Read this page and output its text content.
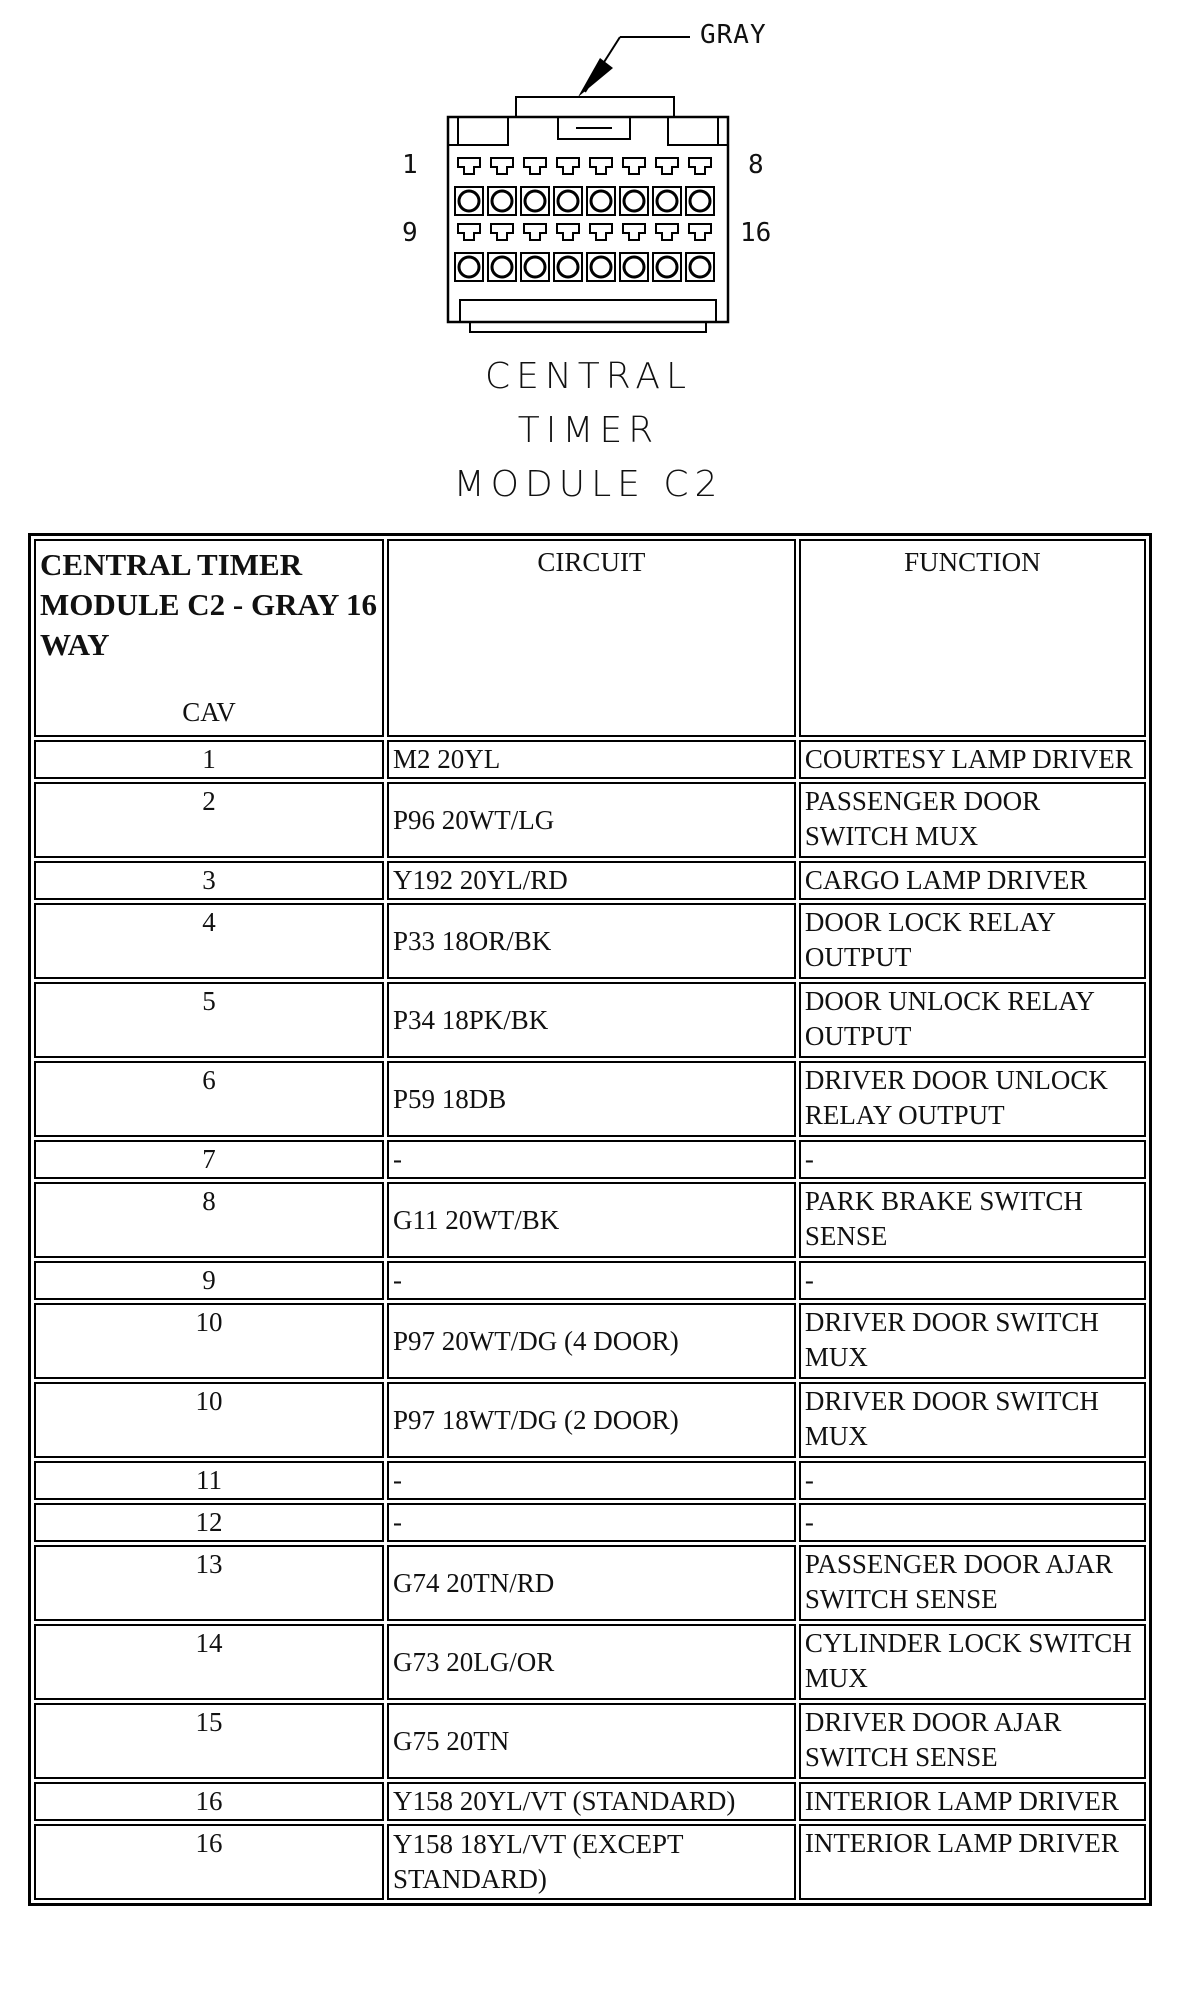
GRAY
1	8
9	16
CENTRAL
TIMER
MODULE C2
CENTRAL TIMER MODULE C2 - GRAY 16 WAY
CAV	CIRCUIT	FUNCTION

1	M2 20YL	COURTESY LAMP DRIVER
2	P96 20WT/LG	PASSENGER DOOR SWITCH MUX
3	Y192 20YL/RD	CARGO LAMP DRIVER
4	P33 18OR/BK	DOOR LOCK RELAY OUTPUT
5	P34 18PK/BK	DOOR UNLOCK RELAY OUTPUT
6	P59 18DB	DRIVER DOOR UNLOCK RELAY OUTPUT
7	-	-
8	G11 20WT/BK	PARK BRAKE SWITCH SENSE
9	-	-
10	P97 20WT/DG (4 DOOR)	DRIVER DOOR SWITCH MUX
10	P97 18WT/DG (2 DOOR)	DRIVER DOOR SWITCH MUX
11	-	-
12	-	-
13	G74 20TN/RD	PASSENGER DOOR AJAR SWITCH SENSE
14	G73 20LG/OR	CYLINDER LOCK SWITCH MUX
15	G75 20TN	DRIVER DOOR AJAR SWITCH SENSE
16	Y158 20YL/VT (STANDARD)	INTERIOR LAMP DRIVER
16	Y158 18YL/VT (EXCEPT STANDARD)	INTERIOR LAMP DRIVER
